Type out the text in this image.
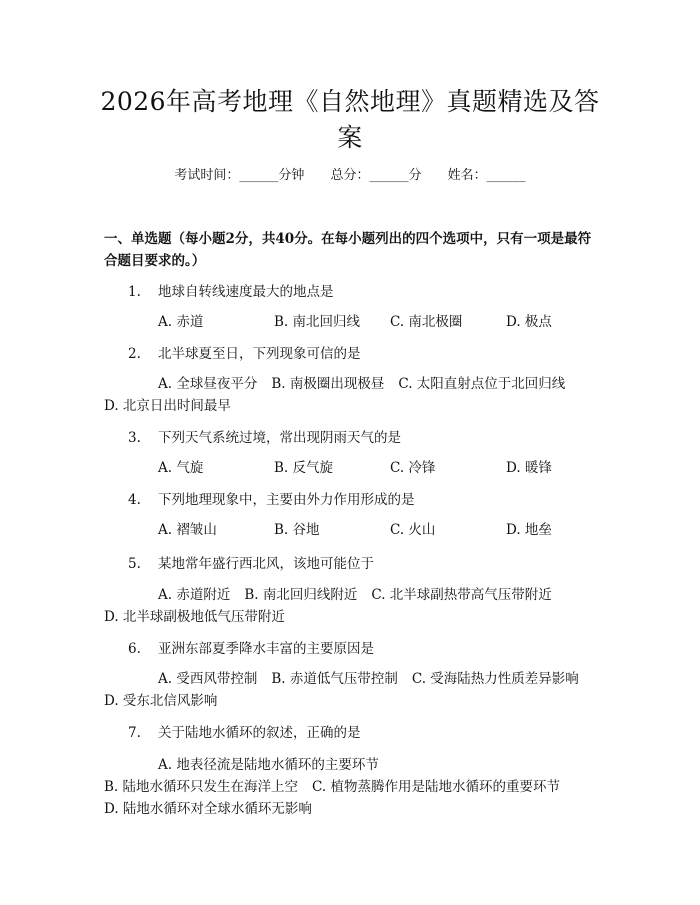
2026年高考地理《自然地理》真题精选及答案
考试时间：______分钟 总分：______分 姓名：______
一、单选题（每小题2分，共40分。在每小题列出的四个选项中，只有一项是最符合题目要求的。）
1. 地球自转线速度最大的地点是
A. 赤道	B. 南北回归线 C. 南北极圈	D. 极点
2. 北半球夏至日，下列现象可信的是
A. 全球昼夜平分 B. 南极圈出现极昼 C. 太阳直射点位于北回归线D. 北京日出时间最早
3. 下列天气系统过境，常出现阴雨天气的是
A. 气旋	B. 反气旋	C. 冷锋	D. 暖锋
4. 下列地理现象中，主要由外力作用形成的是
A. 褶皱山	B. 谷地	C. 火山	D. 地垒
5. 某地常年盛行西北风，该地可能位于
A. 赤道附近 B. 南北回归线附近 C. 北半球副热带高气压带附近D. 北半球副极地低气压带附近
6. 亚洲东部夏季降水丰富的主要原因是
A. 受西风带控制 B. 赤道低气压带控制 C. 受海陆热力性质差异影响D. 受东北信风影响
7. 关于陆地水循环的叙述，正确的是
A. 地表径流是陆地水循环的主要环节B. 陆地水循环只发生在海洋上空 C. 植物蒸腾作用是陆地水循环的重要环节D. 陆地水循环对全球水循环无影响
